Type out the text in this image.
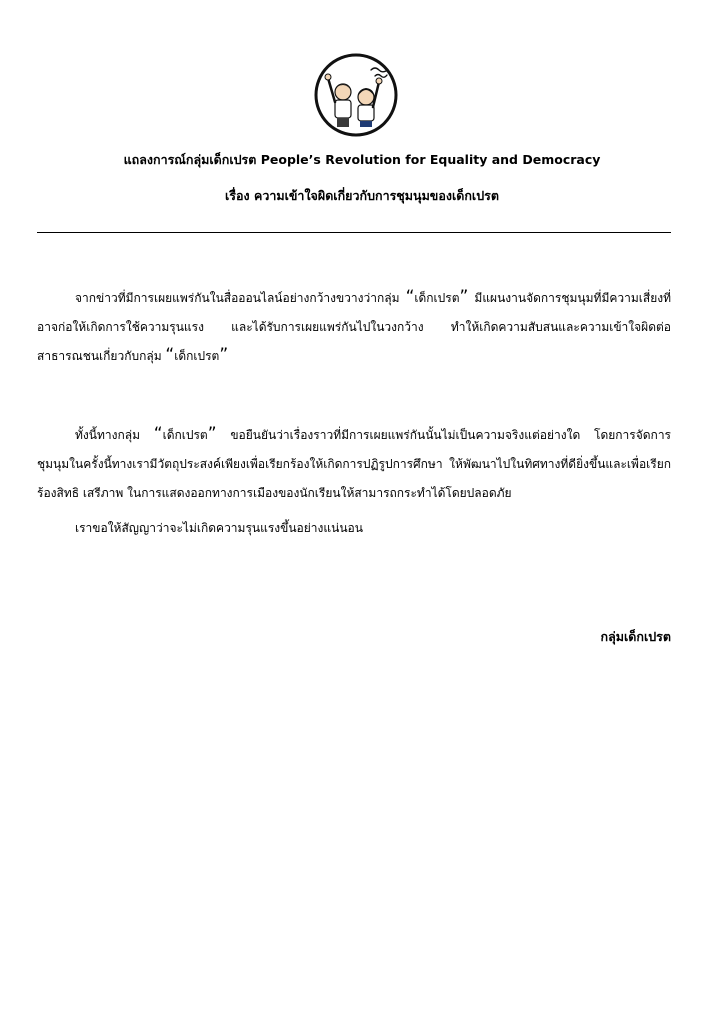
แถลงการณ์กลุ่มเด็กเปรต People’s Revolution for Equality and Democracy
เรื่อง ความเข้าใจผิดเกี่ยวกับการชุมนุมของเด็กเปรต

จากข่าวที่มีการเผยแพร่กันในสื่อออนไลน์อย่างกว้างขวางว่ากลุ่ม “เด็กเปรต” มีแผนงานจัดการชุมนุมที่มีความเสี่ยงที่อาจก่อให้เกิดการใช้ความรุนแรง และได้รับการเผยแพร่กันไปในวงกว้าง ทำให้เกิดความสับสนและความเข้าใจผิดต่อสาธารณชนเกี่ยวกับกลุ่ม “เด็กเปรต”

ทั้งนี้ทางกลุ่ม “เด็กเปรต” ขอยืนยันว่าเรื่องราวที่มีการเผยแพร่กันนั้นไม่เป็นความจริงแต่อย่างใด โดยการจัดการชุมนุมในครั้งนี้ทางเรามีวัตถุประสงค์เพียงเพื่อเรียกร้องให้เกิดการปฏิรูปการศึกษา ให้พัฒนาไปในทิศทางที่ดียิ่งขึ้นและเพื่อเรียกร้องสิทธิ เสรีภาพ ในการแสดงออกทางการเมืองของนักเรียนให้สามารถกระทำได้โดยปลอดภัย

เราขอให้สัญญาว่าจะไม่เกิดความรุนแรงขึ้นอย่างแน่นอน

กลุ่มเด็กเปรต
